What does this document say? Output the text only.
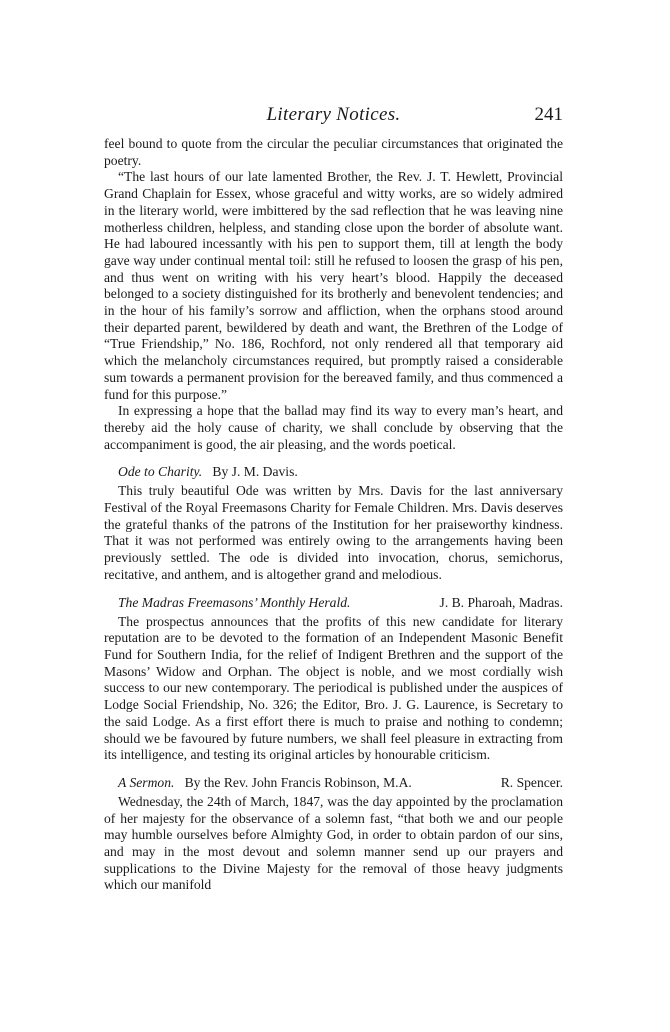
Literary Notices.	241

feel bound to quote from the circular the peculiar circumstances that originated the poetry.

“The last hours of our late lamented Brother, the Rev. J. T. Hewlett, Provincial Grand Chaplain for Essex, whose graceful and witty works, are so widely admired in the literary world, were imbittered by the sad reflection that he was leaving nine motherless children, helpless, and standing close upon the border of absolute want. He had laboured incessantly with his pen to support them, till at length the body gave way under continual mental toil: still he refused to loosen the grasp of his pen, and thus went on writing with his very heart’s blood. Happily the deceased belonged to a society distinguished for its brotherly and benevolent tendencies; and in the hour of his family’s sorrow and affliction, when the orphans stood around their departed parent, bewildered by death and want, the Brethren of the Lodge of “True Friendship,” No. 186, Rochford, not only rendered all that temporary aid which the melancholy circumstances required, but promptly raised a considerable sum towards a permanent provision for the bereaved family, and thus commenced a fund for this purpose.”

In expressing a hope that the ballad may find its way to every man’s heart, and thereby aid the holy cause of charity, we shall conclude by observing that the accompaniment is good, the air pleasing, and the words poetical.

Ode to Charity. By J. M. Davis.

This truly beautiful Ode was written by Mrs. Davis for the last anniversary Festival of the Royal Freemasons Charity for Female Children. Mrs. Davis deserves the grateful thanks of the patrons of the Institution for her praiseworthy kindness. That it was not performed was entirely owing to the arrangements having been previously settled. The ode is divided into invocation, chorus, semichorus, recitative, and anthem, and is altogether grand and melodious.

The Madras Freemasons’ Monthly Herald.	J. B. Pharoah, Madras.

The prospectus announces that the profits of this new candidate for literary reputation are to be devoted to the formation of an Independent Masonic Benefit Fund for Southern India, for the relief of Indigent Brethren and the support of the Masons’ Widow and Orphan. The object is noble, and we most cordially wish success to our new contemporary. The periodical is published under the auspices of Lodge Social Friendship, No. 326; the Editor, Bro. J. G. Laurence, is Secretary to the said Lodge. As a first effort there is much to praise and nothing to condemn; should we be favoured by future numbers, we shall feel pleasure in extracting from its intelligence, and testing its original articles by honourable criticism.

A Sermon. By the Rev. John Francis Robinson, M.A.	R. Spencer.

Wednesday, the 24th of March, 1847, was the day appointed by the proclamation of her majesty for the observance of a solemn fast, “that both we and our people may humble ourselves before Almighty God, in order to obtain pardon of our sins, and may in the most devout and solemn manner send up our prayers and supplications to the Divine Majesty for the removal of those heavy judgments which our manifold
